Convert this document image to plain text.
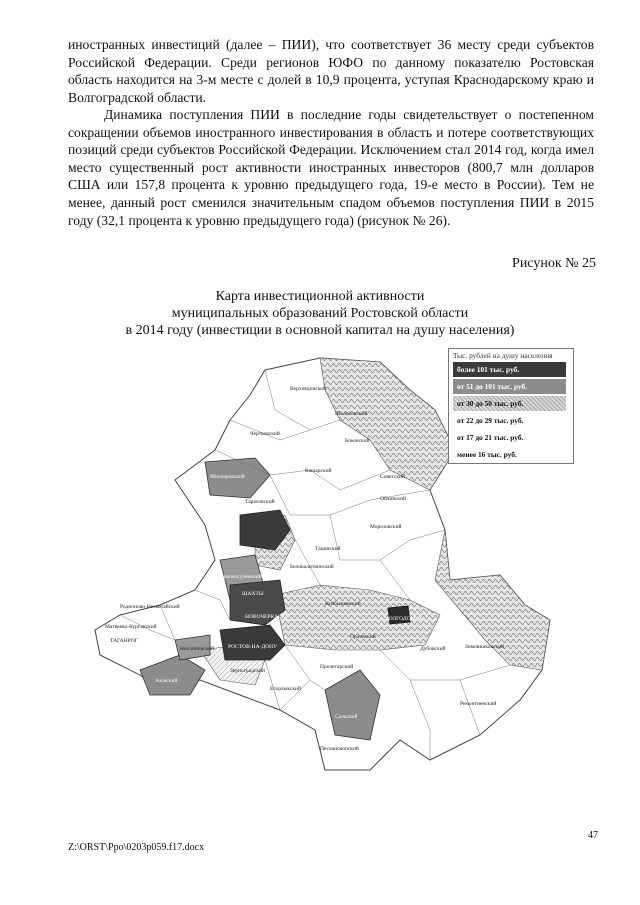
иностранных инвестиций (далее – ПИИ), что соответствует 36 месту среди субъектов Российской Федерации. Среди регионов ЮФО по данному показателю Ростовская область находится на 3-м месте с долей в 10,9 процента, уступая Краснодарскому краю и Волгоградской области.

Динамика поступления ПИИ в последние годы свидетельствует о постепенном сокращении объемов иностранного инвестирования в область и потере соответствующих позиций среди субъектов Российской Федерации. Исключением стал 2014 год, когда имел место существенный рост активности иностранных инвесторов (800,7 млн долларов США или 157,8 процента к уровню предыдущего года, 19-е место в России). Тем не менее, данный рост сменился значительным спадом объемов поступления ПИИ в 2015 году (32,1 процента к уровню предыдущего года) (рисунок № 26).

Рисунок № 25
Карта инвестиционной активности
муниципальных образований Ростовской области
в 2014 году (инвестиции в основной капитал на душу населения)
Верхнедонской
Шолоховский
Чертковский
Боковский
Миллеровский
Кашарский
Советский
Обливский
Тарасовский
Морозовский
Тацинский
Белокалитвинский
Красносулинский
ШАХТЫ
Куйбышевский
Родионово-Несветайский
Матвеево-Курганский
ВОЛГОДОНСК
НОВОЧЕРКАССК
ТАГАНРОГ
Неклиновский	РОСТОВ-НА-ДОНУ	Дубовский	Зимовниковский
Азовский
Зерноградский
Пролетарский
Орловский
Егорлыкский
Сальский
Ремонтненский
Песчанокопский
Тыс. рублей на душу населения
более 101 тыс. руб.
от 51 до 101 тыс. руб.
от 30 до 50 тыс. руб.
от 22 до 29 тыс. руб.
от 17 до 21 тыс. руб.
менее 16 тыс. руб.
47
Z:\ORST\Ppo\0203p059.f17.docx
